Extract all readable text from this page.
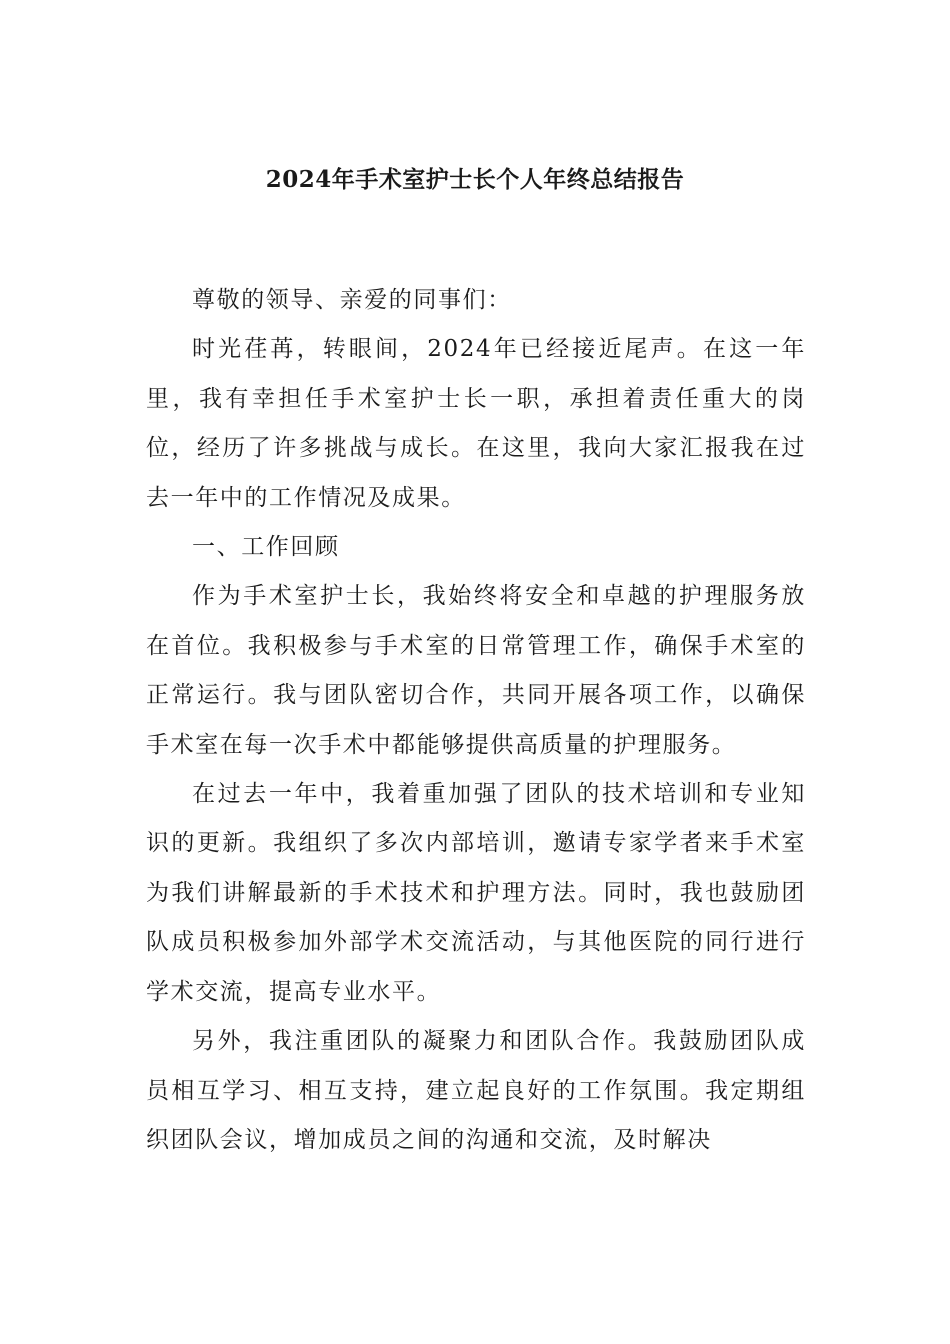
2024年手术室护士长个人年终总结报告

尊敬的领导、亲爱的同事们：

时光荏苒，转眼间，2024年已经接近尾声。在这一年里，我有幸担任手术室护士长一职，承担着责任重大的岗位，经历了许多挑战与成长。在这里，我向大家汇报我在过去一年中的工作情况及成果。

一、工作回顾

作为手术室护士长，我始终将安全和卓越的护理服务放在首位。我积极参与手术室的日常管理工作，确保手术室的正常运行。我与团队密切合作，共同开展各项工作，以确保手术室在每一次手术中都能够提供高质量的护理服务。

在过去一年中，我着重加强了团队的技术培训和专业知识的更新。我组织了多次内部培训，邀请专家学者来手术室为我们讲解最新的手术技术和护理方法。同时，我也鼓励团队成员积极参加外部学术交流活动，与其他医院的同行进行学术交流，提高专业水平。

另外，我注重团队的凝聚力和团队合作。我鼓励团队成员相互学习、相互支持，建立起良好的工作氛围。我定期组织团队会议，增加成员之间的沟通和交流，及时解决
